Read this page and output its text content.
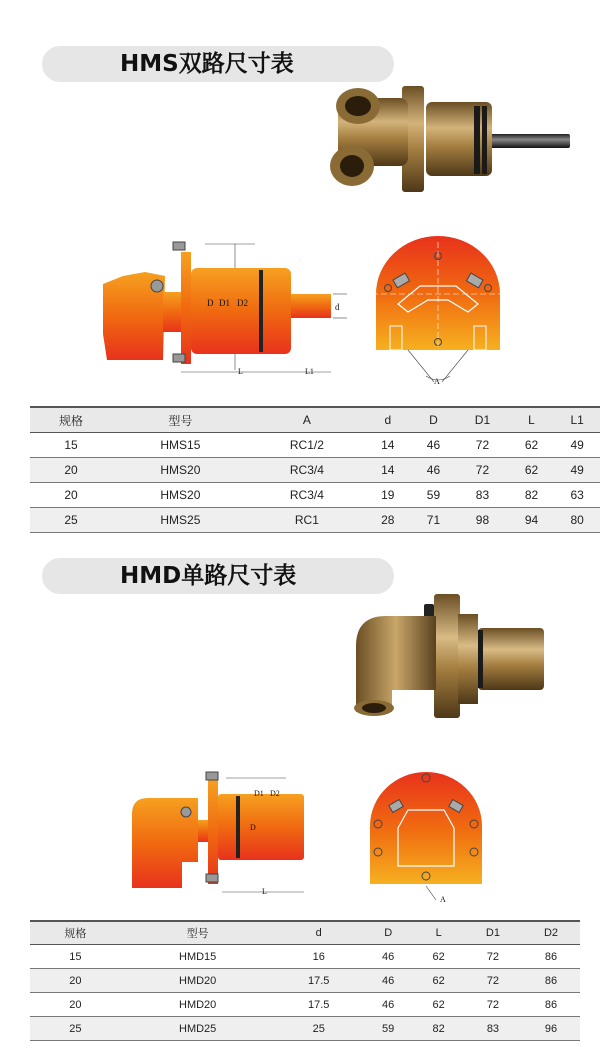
HMS双路尺寸表
D D1 D2	d
L	L1
A
规格	型号	A	d	D	D1	L	L1
15	HMS15	RC1/2	14	46	72	62	49
20	HMS20	RC3/4	14	46	72	62	49
20	HMS20	RC3/4	19	59	83	82	63
25	HMS25	RC1	28	71	98	94	80
HMD单路尺寸表
D1 D2
D
L
A
规格	型号	d	D	L	D1	D2
15	HMD15	16	46	62	72	86
20	HMD20	17.5	46	62	72	86
20	HMD20	17.5	46	62	72	86
25	HMD25	25	59	82	83	96
